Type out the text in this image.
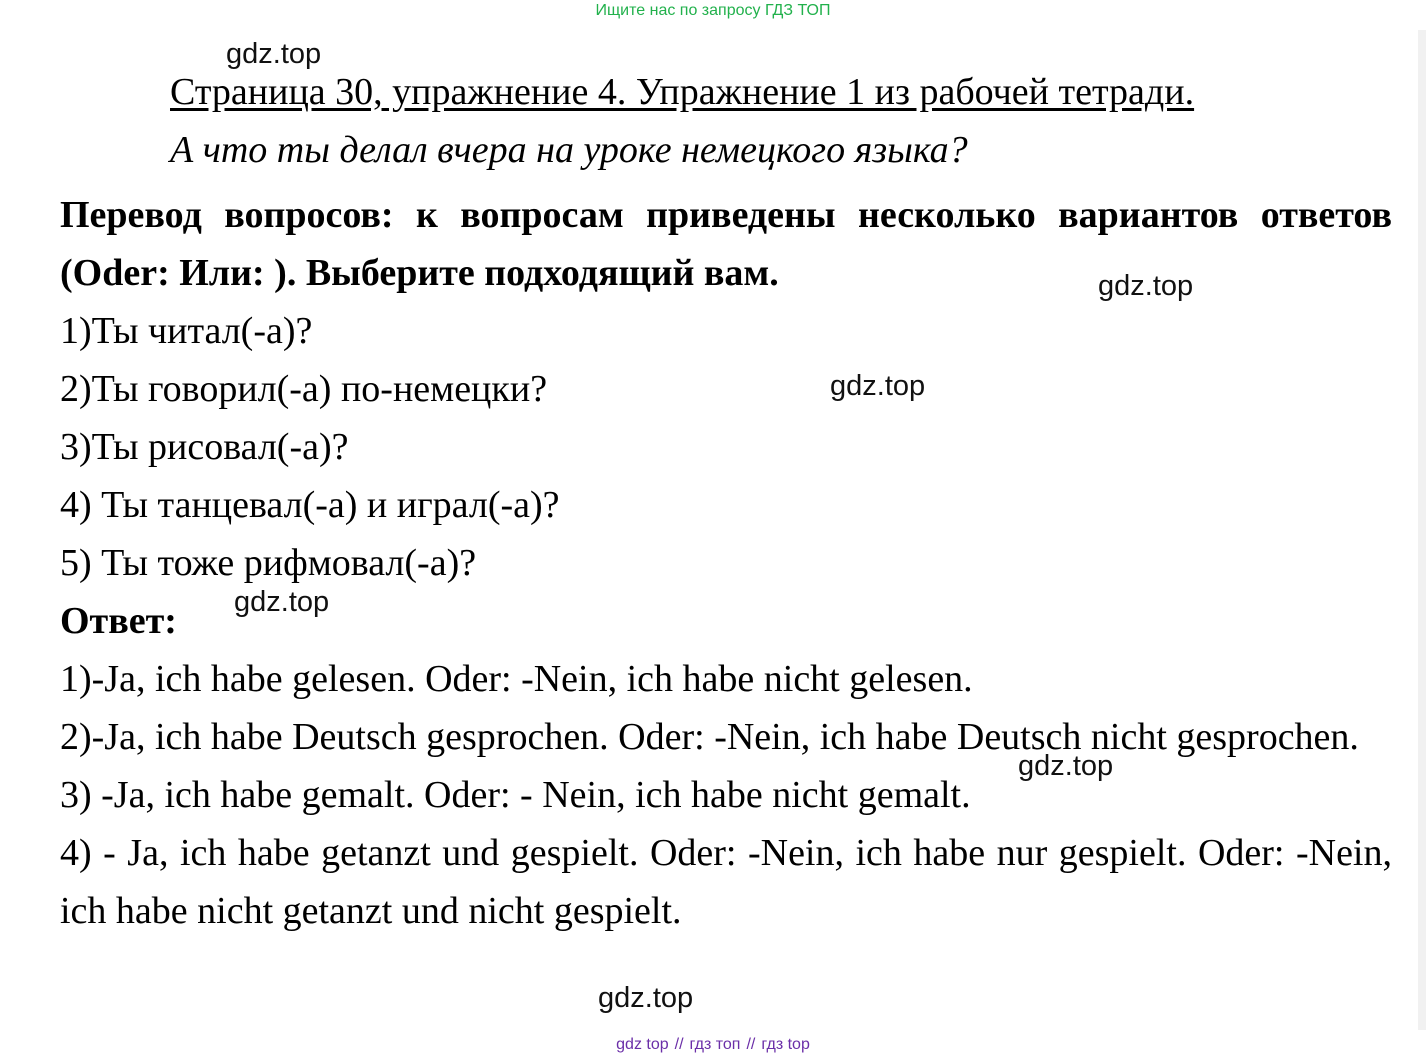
Ищите нас по запросу ГДЗ ТОП
gdz.top
Страница 30, упражнение 4. Упражнение 1 из рабочей тетради.
А что ты делал вчера на уроке немецкого языка?

Перевод вопросов: к вопросам приведены несколько вариантов ответов (Oder: Или: ). Выберите подходящий вам.

1)Ты читал(-а)?

2)Ты говорил(-а) по-немецки?

3)Ты рисовал(-а)?

4) Ты танцевал(-а) и играл(-а)?

5) Ты тоже рифмовал(-а)?

Ответ:

1)-Ja, ich habe gelesen. Oder: -Nein, ich habe nicht gelesen.

2)-Ja, ich habe Deutsch gesprochen. Oder: -Nein, ich habe Deutsch nicht gesprochen.

3) -Ja, ich habe gemalt. Oder: - Nein, ich habe nicht gemalt.

4) - Ja, ich habe getanzt und gespielt. Oder: -Nein, ich habe nur gespielt. Oder: -Nein, ich habe nicht getanzt und nicht gespielt.

gdz.top
gdz.top
gdz.top
gdz.top
gdz.top
gdz top // гдз топ // гдз top
